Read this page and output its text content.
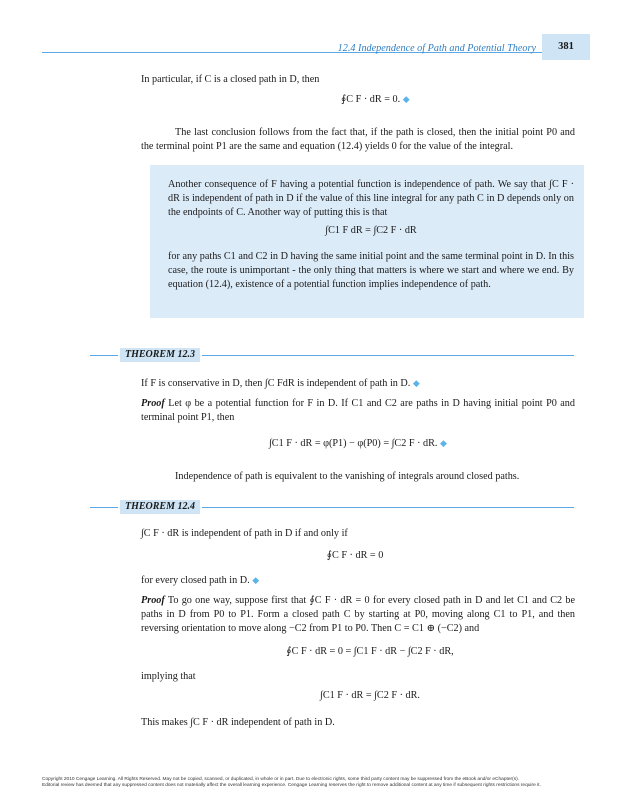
12.4 Independence of Path and Potential Theory	381
In particular, if C is a closed path in D, then
∮C F · dR = 0. ◆
The last conclusion follows from the fact that, if the path is closed, then the initial point P0 and the terminal point P1 are the same and equation (12.4) yields 0 for the value of the integral.
Another consequence of F having a potential function is independence of path. We say that ∫C F · dR is independent of path in D if the value of this line integral for any path C in D depends only on the endpoints of C. Another way of putting this is that
∫C1 F dR = ∫C2 F · dR
for any paths C1 and C2 in D having the same initial point and the same terminal point in D. In this case, the route is unimportant - the only thing that matters is where we start and where we end. By equation (12.4), existence of a potential function implies independence of path.
THEOREM 12.3
If F is conservative in D, then ∫C FdR is independent of path in D. ◆
Proof Let φ be a potential function for F in D. If C1 and C2 are paths in D having initial point P0 and terminal point P1, then
∫C1 F · dR = φ(P1) − φ(P0) = ∫C2 F · dR. ◆
Independence of path is equivalent to the vanishing of integrals around closed paths.
THEOREM 12.4
∫C F · dR is independent of path in D if and only if
∮C F · dR = 0
for every closed path in D. ◆
Proof To go one way, suppose first that ∮C F · dR = 0 for every closed path in D and let C1 and C2 be paths in D from P0 to P1. Form a closed path C by starting at P0, moving along C1 to P1, and then reversing orientation to move along −C2 from P1 to P0. Then C = C1 ⊕ (−C2) and
∮C F · dR = 0 = ∫C1 F · dR − ∫C2 F · dR,
implying that
∫C1 F · dR = ∫C2 F · dR.
This makes ∫C F · dR independent of path in D.
Copyright 2010 Cengage Learning. All Rights Reserved. May not be copied, scanned, or duplicated, in whole or in part. Due to electronic rights, some third party content may be suppressed from the eBook and/or eChapter(s).
Editorial review has deemed that any suppressed content does not materially affect the overall learning experience. Cengage Learning reserves the right to remove additional content at any time if subsequent rights restrictions require it.
